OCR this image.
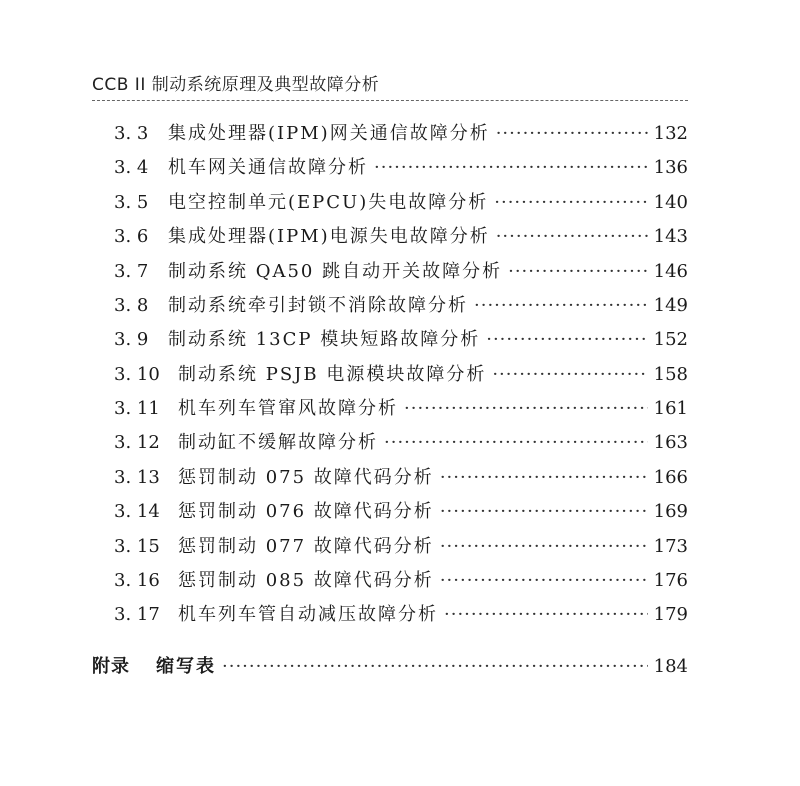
CCB II 制动系统原理及典型故障分析
3. 3	集成处理器(IPM)网关通信故障分析 ·····	132
3. 4	机车网关通信故障分析 ·····	136
3. 5	电空控制单元(EPCU)失电故障分析 ·····	140
3. 6	集成处理器(IPM)电源失电故障分析 ·····	143
3. 7	制动系统 QA50 跳自动开关故障分析 ·····	146
3. 8	制动系统牵引封锁不消除故障分析 ·····	149
3. 9	制动系统 13CP 模块短路故障分析 ·····	152
3. 10	制动系统 PSJB 电源模块故障分析 ·····	158
3. 11	机车列车管窜风故障分析 ·····	161
3. 12	制动缸不缓解故障分析 ·····	163
3. 13	惩罚制动 075 故障代码分析 ·····	166
3. 14	惩罚制动 076 故障代码分析 ·····	169
3. 15	惩罚制动 077 故障代码分析 ·····	173
3. 16	惩罚制动 085 故障代码分析 ·····	176
3. 17	机车列车管自动减压故障分析 ·····	179
附录	缩写表 ·····	184
